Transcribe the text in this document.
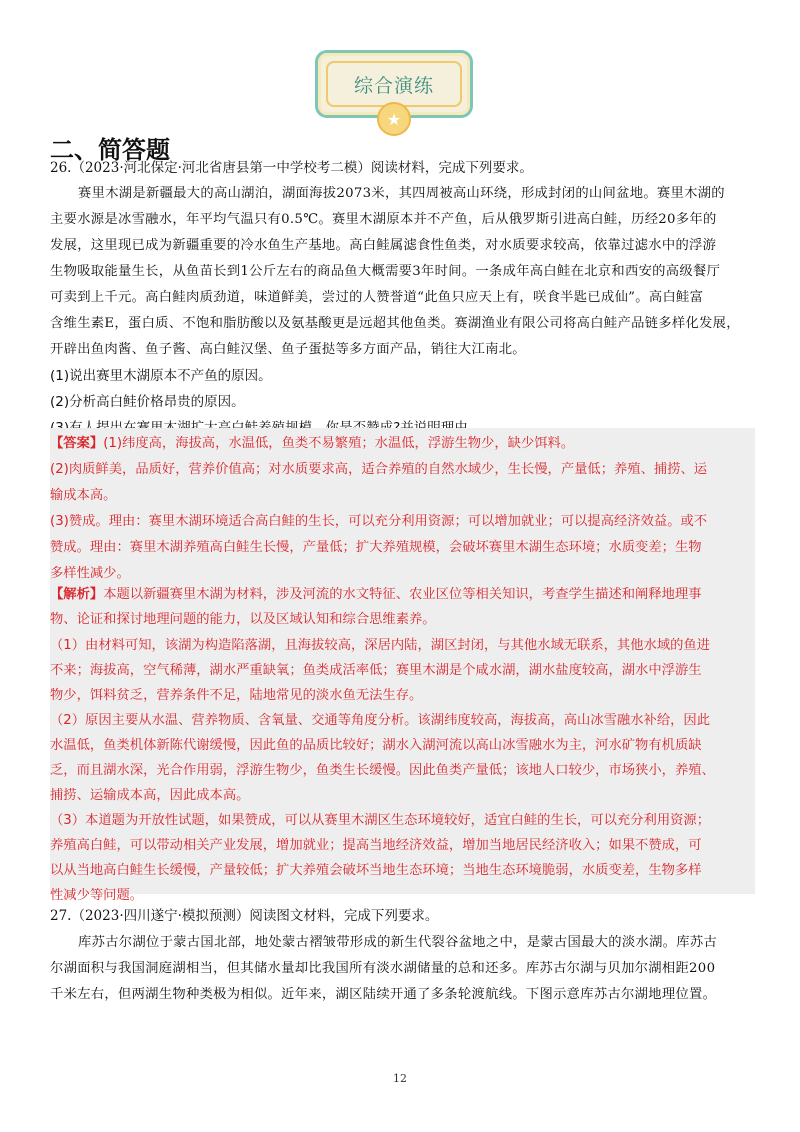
综合演练
★
二、简答题
26.（2023·河北保定·河北省唐县第一中学校考二模）阅读材料，完成下列要求。
赛里木湖是新疆最大的高山湖泊，湖面海拔2073米，其四周被高山环绕，形成封闭的山间盆地。赛里木湖的
主要水源是冰雪融水，年平均气温只有0.5℃。赛里木湖原本并不产鱼，后从俄罗斯引进高白鲑，历经20多年的
发展，这里现已成为新疆重要的冷水鱼生产基地。高白鲑属滤食性鱼类，对水质要求较高，依靠过滤水中的浮游
生物吸取能量生长，从鱼苗长到1公斤左右的商品鱼大概需要3年时间。一条成年高白鲑在北京和西安的高级餐厅
可卖到上千元。高白鲑肉质劲道，味道鲜美，尝过的人赞誉道“此鱼只应天上有，咲食半匙已成仙”。高白鲑富
含维生素E，蛋白质、不饱和脂肪酸以及氨基酸更是远超其他鱼类。赛湖渔业有限公司将高白鲑产品链多样化发展，
开辟出鱼肉酱、鱼子酱、高白鲑汉堡、鱼子蛋挞等多方面产品，销往大江南北。
(1)说出赛里木湖原本不产鱼的原因。
(2)分析高白鲑价格昂贵的原因。
【答案】(1)纬度高，海拔高，水温低，鱼类不易繁殖；水温低，浮游生物少，缺少饵料。
(2)肉质鲜美，品质好，营养价值高；对水质要求高，适合养殖的自然水域少，生长慢，产量低；养殖、捕捞、运
输成本高。
(3)赞成。理由：赛里木湖环境适合高白鲑的生长，可以充分利用资源；可以增加就业；可以提高经济效益。或不
赞成。理由：赛里木湖养殖高白鲑生长慢，产量低；扩大养殖规模，会破坏赛里木湖生态环境；水质变差；生物
多样性减少。
【解析】本题以新疆赛里木湖为材料，涉及河流的水文特征、农业区位等相关知识，考查学生描述和阐释地理事
物、论证和探讨地理问题的能力，以及区域认知和综合思维素养。
（1）由材料可知，该湖为构造陷落湖，且海拔较高，深居内陆，湖区封闭，与其他水域无联系，其他水域的鱼进
不来；海拔高，空气稀薄，湖水严重缺氧；鱼类成活率低；赛里木湖是个咸水湖，湖水盐度较高，湖水中浮游生
物少，饵料贫乏，营养条件不足，陆地常见的淡水鱼无法生存。
（2）原因主要从水温、营养物质、含氧量、交通等角度分析。该湖纬度较高，海拔高，高山冰雪融水补给，因此
水温低，鱼类机体新陈代谢缓慢，因此鱼的品质比较好；湖水入湖河流以高山冰雪融水为主，河水矿物有机质缺
乏，而且湖水深，光合作用弱，浮游生物少，鱼类生长缓慢。因此鱼类产量低；该地人口较少，市场狭小，养殖、
捕捞、运输成本高，因此成本高。
（3）本道题为开放性试题，如果赞成，可以从赛里木湖区生态环境较好，适宜白鲑的生长，可以充分利用资源；
养殖高白鲑，可以带动相关产业发展，增加就业；提高当地经济效益，增加当地居民经济收入；如果不赞成，可
以从当地高白鲑生长缓慢，产量较低；扩大养殖会破坏当地生态环境；当地生态环境脆弱，水质变差，生物多样
性减少等问题。
27.（2023·四川遂宁·模拟预测）阅读图文材料，完成下列要求。
库苏古尔湖位于蒙古国北部，地处蒙古褶皱带形成的新生代裂谷盆地之中，是蒙古国最大的淡水湖。库苏古
尔湖面积与我国洞庭湖相当，但其储水量却比我国所有淡水湖储量的总和还多。库苏古尔湖与贝加尔湖相距200
千米左右，但两湖生物种类极为相似。近年来，湖区陆续开通了多条轮渡航线。下图示意库苏古尔湖地理位置。
12
